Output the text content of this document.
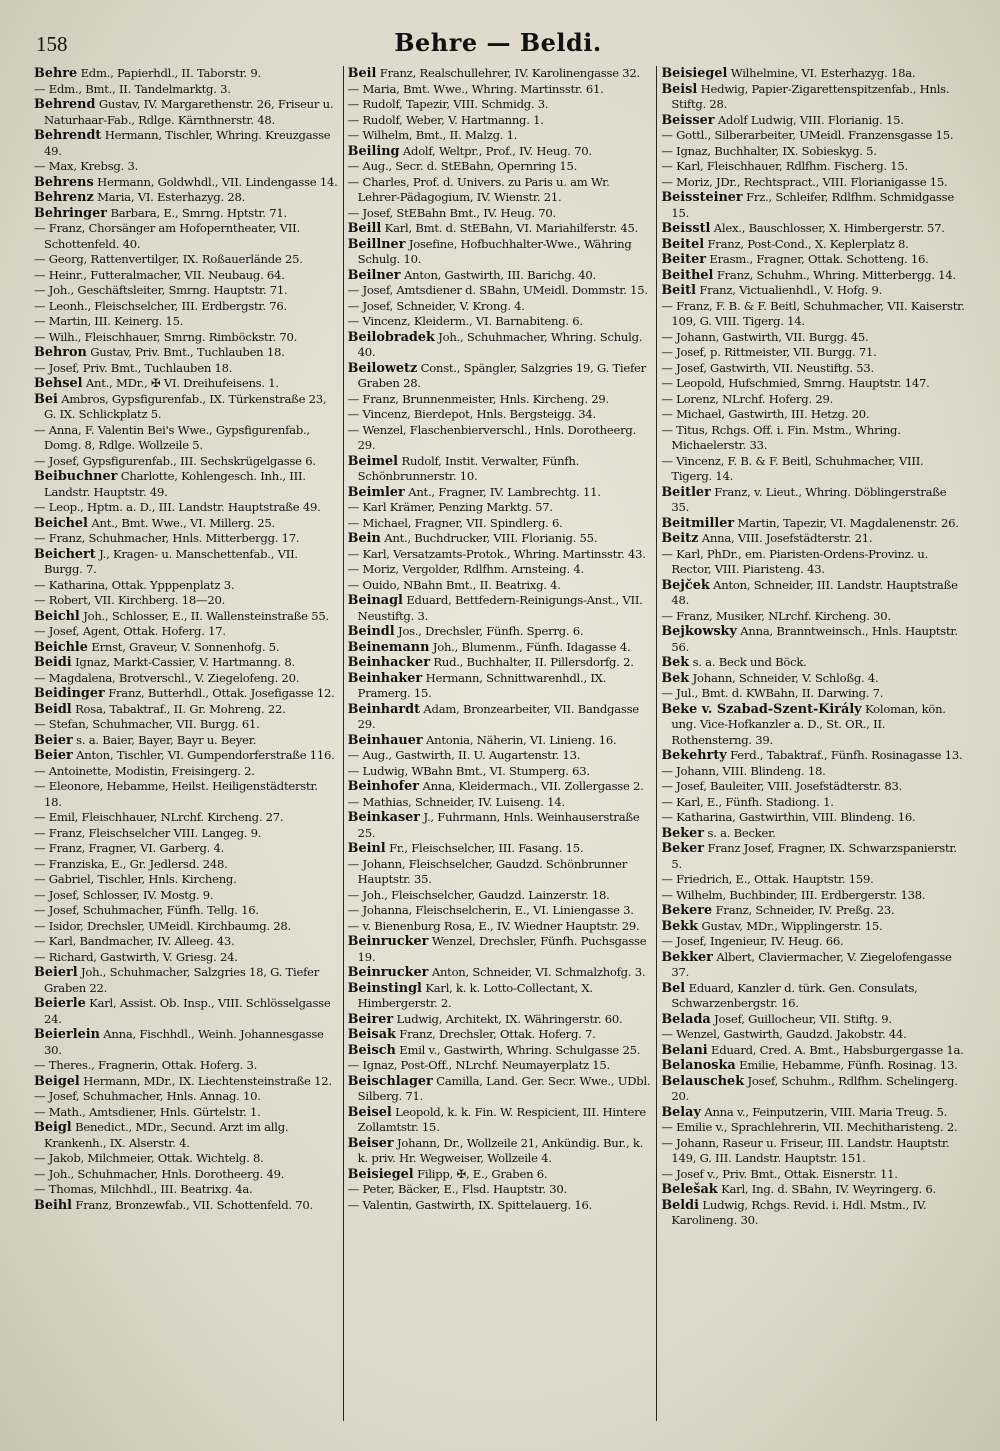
158	Behre — Beldi.

Behre Edm., Papierhdl., II. Taborstr. 9.

— Edm., Bmt., II. Tandelmarktg. 3.

Behrend Gustav, IV. Margarethenstr. 26, Friseur u. Naturhaar-Fab., Rdlge. Kärnthnerstr. 48.

Behrendt Hermann, Tischler, Whring. Kreuzgasse 49.

— Max, Krebsg. 3.

Behrens Hermann, Goldwhdl., VII. Lindengasse 14.

Behrenz Maria, VI. Esterhazyg. 28.

Behringer Barbara, E., Smrng. Hptstr. 71.

— Franz, Chorsänger am Hofoperntheater, VII. Schottenfeld. 40.

— Georg, Rattenvertilger, IX. Roßauerlände 25.

— Heinr., Futteralmacher, VII. Neubaug. 64.

— Joh., Geschäftsleiter, Smrng. Hauptstr. 71.

— Leonh., Fleischselcher, III. Erdbergstr. 76.

— Martin, III. Keinerg. 15.

— Wilh., Fleischhauer, Smrng. Rimböckstr. 70.

Behron Gustav, Priv. Bmt., Tuchlauben 18.

— Josef, Priv. Bmt., Tuchlauben 18.

Behsel Ant., MDr., ✠ VI. Dreihufeisens. 1.

Bei Ambros, Gypsfigurenfab., IX. Türkenstraße 23, G. IX. Schlickplatz 5.

— Anna, F. Valentin Bei's Wwe., Gypsfigurenfab., Domg. 8, Rdlge. Wollzeile 5.

— Josef, Gypsfigurenfab., III. Sechskrügelgasse 6.

Beibuchner Charlotte, Kohlengesch. Inh., III. Landstr. Hauptstr. 49.

— Leop., Hptm. a. D., III. Landstr. Hauptstraße 49.

Beichel Ant., Bmt. Wwe., VI. Millerg. 25.

— Franz, Schuhmacher, Hnls. Mitterbergg. 17.

Beichert J., Kragen- u. Manschettenfab., VII. Burgg. 7.

— Katharina, Ottak. Ypppenplatz 3.

— Robert, VII. Kirchberg. 18—20.

Beichl Joh., Schlosser, E., II. Wallensteinstraße 55.

— Josef, Agent, Ottak. Hoferg. 17.

Beichle Ernst, Graveur, V. Sonnenhofg. 5.

Beidi Ignaz, Markt-Cassier, V. Hartmanng. 8.

— Magdalena, Brotverschl., V. Ziegelofeng. 20.

Beidinger Franz, Butterhdl., Ottak. Josefigasse 12.

Beidl Rosa, Tabaktraf., II. Gr. Mohreng. 22.

— Stefan, Schuhmacher, VII. Burgg. 61.

Beier s. a. Baier, Bayer, Bayr u. Beyer.

Beier Anton, Tischler, VI. Gumpendorferstraße 116.

— Antoinette, Modistin, Freisingerg. 2.

— Eleonore, Hebamme, Heilst. Heiligenstädterstr. 18.

— Emil, Fleischhauer, NLrchf. Kircheng. 27.

— Franz, Fleischselcher VIII. Langeg. 9.

— Franz, Fragner, VI. Garberg. 4.

— Franziska, E., Gr. Jedlersd. 248.

— Gabriel, Tischler, Hnls. Kircheng.

— Josef, Schlosser, IV. Mostg. 9.

— Josef, Schuhmacher, Fünfh. Tellg. 16.

— Isidor, Drechsler, UMeidl. Kirchbaumg. 28.

— Karl, Bandmacher, IV. Alleeg. 43.

— Richard, Gastwirth, V. Griesg. 24.

Beierl Joh., Schuhmacher, Salzgries 18, G. Tiefer Graben 22.

Beierle Karl, Assist. Ob. Insp., VIII. Schlösselgasse 24.

Beierlein Anna, Fischhdl., Weinh. Johannesgasse 30.

— Theres., Fragnerin, Ottak. Hoferg. 3.

Beigel Hermann, MDr., IX. Liechtensteinstraße 12.

— Josef, Schuhmacher, Hnls. Annag. 10.

— Math., Amtsdiener, Hnls. Gürtelstr. 1.

Beigl Benedict., MDr., Secund. Arzt im allg. Krankenh., IX. Alserstr. 4.

— Jakob, Milchmeier, Ottak. Wichtelg. 8.

— Joh., Schuhmacher, Hnls. Dorotheerg. 49.

— Thomas, Milchhdl., III. Beatrixg. 4a.

Beihl Franz, Bronzewfab., VII. Schottenfeld. 70.

Beil Franz, Realschullehrer, IV. Karolinengasse 32.

— Maria, Bmt. Wwe., Whring. Martinsstr. 61.

— Rudolf, Tapezir, VIII. Schmidg. 3.

— Rudolf, Weber, V. Hartmanng. 1.

— Wilhelm, Bmt., II. Malzg. 1.

Beiling Adolf, Weltpr., Prof., IV. Heug. 70.

— Aug., Secr. d. StEBahn, Opernring 15.

— Charles, Prof. d. Univers. zu Paris u. am Wr. Lehrer-Pädagogium, IV. Wienstr. 21.

— Josef, StEBahn Bmt., IV. Heug. 70.

Beill Karl, Bmt. d. StEBahn, VI. Mariahilferstr. 45.

Beillner Josefine, Hofbuchhalter-Wwe., Währing Schulg. 10.

Beilner Anton, Gastwirth, III. Barichg. 40.

— Josef, Amtsdiener d. SBahn, UMeidl. Dommstr. 15.

— Josef, Schneider, V. Krong. 4.

— Vincenz, Kleiderm., VI. Barnabiteng. 6.

Beilobradek Joh., Schuhmacher, Whring. Schulg. 40.

Beilowetz Const., Spängler, Salzgries 19, G. Tiefer Graben 28.

— Franz, Brunnenmeister, Hnls. Kircheng. 29.

— Vincenz, Bierdepot, Hnls. Bergsteigg. 34.

— Wenzel, Flaschenbierverschl., Hnls. Dorotheerg. 29.

Beimel Rudolf, Instit. Verwalter, Fünfh. Schönbrunnerstr. 10.

Beimler Ant., Fragner, IV. Lambrechtg. 11.

— Karl Krämer, Penzing Marktg. 57.

— Michael, Fragner, VII. Spindlerg. 6.

Bein Ant., Buchdrucker, VIII. Florianig. 55.

— Karl, Versatzamts-Protok., Whring. Martinsstr. 43.

— Moriz, Vergolder, Rdlfhm. Arnsteing. 4.

— Ouido, NBahn Bmt., II. Beatrixg. 4.

Beinagl Eduard, Bettfedern-Reinigungs-Anst., VII. Neustiftg. 3.

Beindl Jos., Drechsler, Fünfh. Sperrg. 6.

Beinemann Joh., Blumenm., Fünfh. Idagasse 4.

Beinhacker Rud., Buchhalter, II. Pillersdorfg. 2.

Beinhaker Hermann, Schnittwarenhdl., IX. Pramerg. 15.

Beinhardt Adam, Bronzearbeiter, VII. Bandgasse 29.

Beinhauer Antonia, Näherin, VI. Linieng. 16.

— Aug., Gastwirth, II. U. Augartenstr. 13.

— Ludwig, WBahn Bmt., VI. Stumperg. 63.

Beinhofer Anna, Kleidermach., VII. Zollergasse 2.

— Mathias, Schneider, IV. Luiseng. 14.

Beinkaser J., Fuhrmann, Hnls. Weinhauserstraße 25.

Beinl Fr., Fleischselcher, III. Fasang. 15.

— Johann, Fleischselcher, Gaudzd. Schönbrunner Hauptstr. 35.

— Joh., Fleischselcher, Gaudzd. Lainzerstr. 18.

— Johanna, Fleischselcherin, E., VI. Liniengasse 3.

— v. Bienenburg Rosa, E., IV. Wiedner Hauptstr. 29.

Beinrucker Wenzel, Drechsler, Fünfh. Puchsgasse 19.

Beinrucker Anton, Schneider, VI. Schmalzhofg. 3.

Beinstingl Karl, k. k. Lotto-Collectant, X. Himbergerstr. 2.

Beirer Ludwig, Architekt, IX. Währingerstr. 60.

Beisak Franz, Drechsler, Ottak. Hoferg. 7.

Beisch Emil v., Gastwirth, Whring. Schulgasse 25.

— Ignaz, Post-Off., NLrchf. Neumayerplatz 15.

Beischlager Camilla, Land. Ger. Secr. Wwe., UDbl. Silberg. 71.

Beisel Leopold, k. k. Fin. W. Respicient, III. Hintere Zollamtstr. 15.

Beiser Johann, Dr., Wollzeile 21, Ankündig. Bur., k. k. priv. Hr. Wegweiser, Wollzeile 4.

Beisiegel Filipp, ✠, E., Graben 6.

— Peter, Bäcker, E., Flsd. Hauptstr. 30.

— Valentin, Gastwirth, IX. Spittelauerg. 16.

Beisiegel Wilhelmine, VI. Esterhazyg. 18a.

Beisl Hedwig, Papier-Zigarettenspitzenfab., Hnls. Stiftg. 28.

Beisser Adolf Ludwig, VIII. Florianig. 15.

— Gottl., Silberarbeiter, UMeidl. Franzensgasse 15.

— Ignaz, Buchhalter, IX. Sobieskyg. 5.

— Karl, Fleischhauer, Rdlfhm. Fischerg. 15.

— Moriz, JDr., Rechtspract., VIII. Florianigasse 15.

Beissteiner Frz., Schleifer, Rdlfhm. Schmidgasse 15.

Beisstl Alex., Bauschlosser, X. Himbergerstr. 57.

Beitel Franz, Post-Cond., X. Keplerplatz 8.

Beiter Erasm., Fragner, Ottak. Schotteng. 16.

Beithel Franz, Schuhm., Whring. Mitterbergg. 14.

Beitl Franz, Victualienhdl., V. Hofg. 9.

— Franz, F. B. & F. Beitl, Schuhmacher, VII. Kaiserstr. 109, G. VIII. Tigerg. 14.

— Johann, Gastwirth, VII. Burgg. 45.

— Josef, p. Rittmeister, VII. Burgg. 71.

— Josef, Gastwirth, VII. Neustiftg. 53.

— Leopold, Hufschmied, Smrng. Hauptstr. 147.

— Lorenz, NLrchf. Hoferg. 29.

— Michael, Gastwirth, III. Hetzg. 20.

— Titus, Rchgs. Off. i. Fin. Mstm., Whring. Michaelerstr. 33.

— Vincenz, F. B. & F. Beitl, Schuhmacher, VIII. Tigerg. 14.

Beitler Franz, v. Lieut., Whring. Döblingerstraße 35.

Beitmiller Martin, Tapezir, VI. Magdalenenstr. 26.

Beitz Anna, VIII. Josefstädterstr. 21.

— Karl, PhDr., em. Piaristen-Ordens-Provinz. u. Rector, VIII. Piaristeng. 43.

Bejček Anton, Schneider, III. Landstr. Hauptstraße 48.

— Franz, Musiker, NLrchf. Kircheng. 30.

Bejkowsky Anna, Branntweinsch., Hnls. Hauptstr. 56.

Bek s. a. Beck und Böck.

Bek Johann, Schneider, V. Schloßg. 4.

— Jul., Bmt. d. KWBahn, II. Darwing. 7.

Beke v. Szabad-Szent-Király Koloman, kön. ung. Vice-Hofkanzler a. D., St. OR., II. Rothensterng. 39.

Bekehrty Ferd., Tabaktraf., Fünfh. Rosinagasse 13.

— Johann, VIII. Blindeng. 18.

— Josef, Bauleiter, VIII. Josefstädterstr. 83.

— Karl, E., Fünfh. Stadiong. 1.

— Katharina, Gastwirthin, VIII. Blindeng. 16.

Beker s. a. Becker.

Beker Franz Josef, Fragner, IX. Schwarzspanierstr. 5.

— Friedrich, E., Ottak. Hauptstr. 159.

— Wilhelm, Buchbinder, III. Erdbergerstr. 138.

Bekere Franz, Schneider, IV. Preßg. 23.

Bekk Gustav, MDr., Wipplingerstr. 15.

— Josef, Ingenieur, IV. Heug. 66.

Bekker Albert, Claviermacher, V. Ziegelofengasse 37.

Bel Eduard, Kanzler d. türk. Gen. Consulats, Schwarzenbergstr. 16.

Belada Josef, Guillocheur, VII. Stiftg. 9.

— Wenzel, Gastwirth, Gaudzd. Jakobstr. 44.

Belani Eduard, Cred. A. Bmt., Habsburgergasse 1a.

Belanoska Emilie, Hebamme, Fünfh. Rosinag. 13.

Belauschek Josef, Schuhm., Rdlfhm. Schelingerg. 20.

Belay Anna v., Feinputzerin, VIII. Maria Treug. 5.

— Emilie v., Sprachlehrerin, VII. Mechitharisteng. 2.

— Johann, Raseur u. Friseur, III. Landstr. Hauptstr. 149, G. III. Landstr. Hauptstr. 151.

— Josef v., Priv. Bmt., Ottak. Eisnerstr. 11.

Belešak Karl, Ing. d. SBahn, IV. Weyringerg. 6.

Beldi Ludwig, Rchgs. Revid. i. Hdl. Mstm., IV. Karolineng. 30.
